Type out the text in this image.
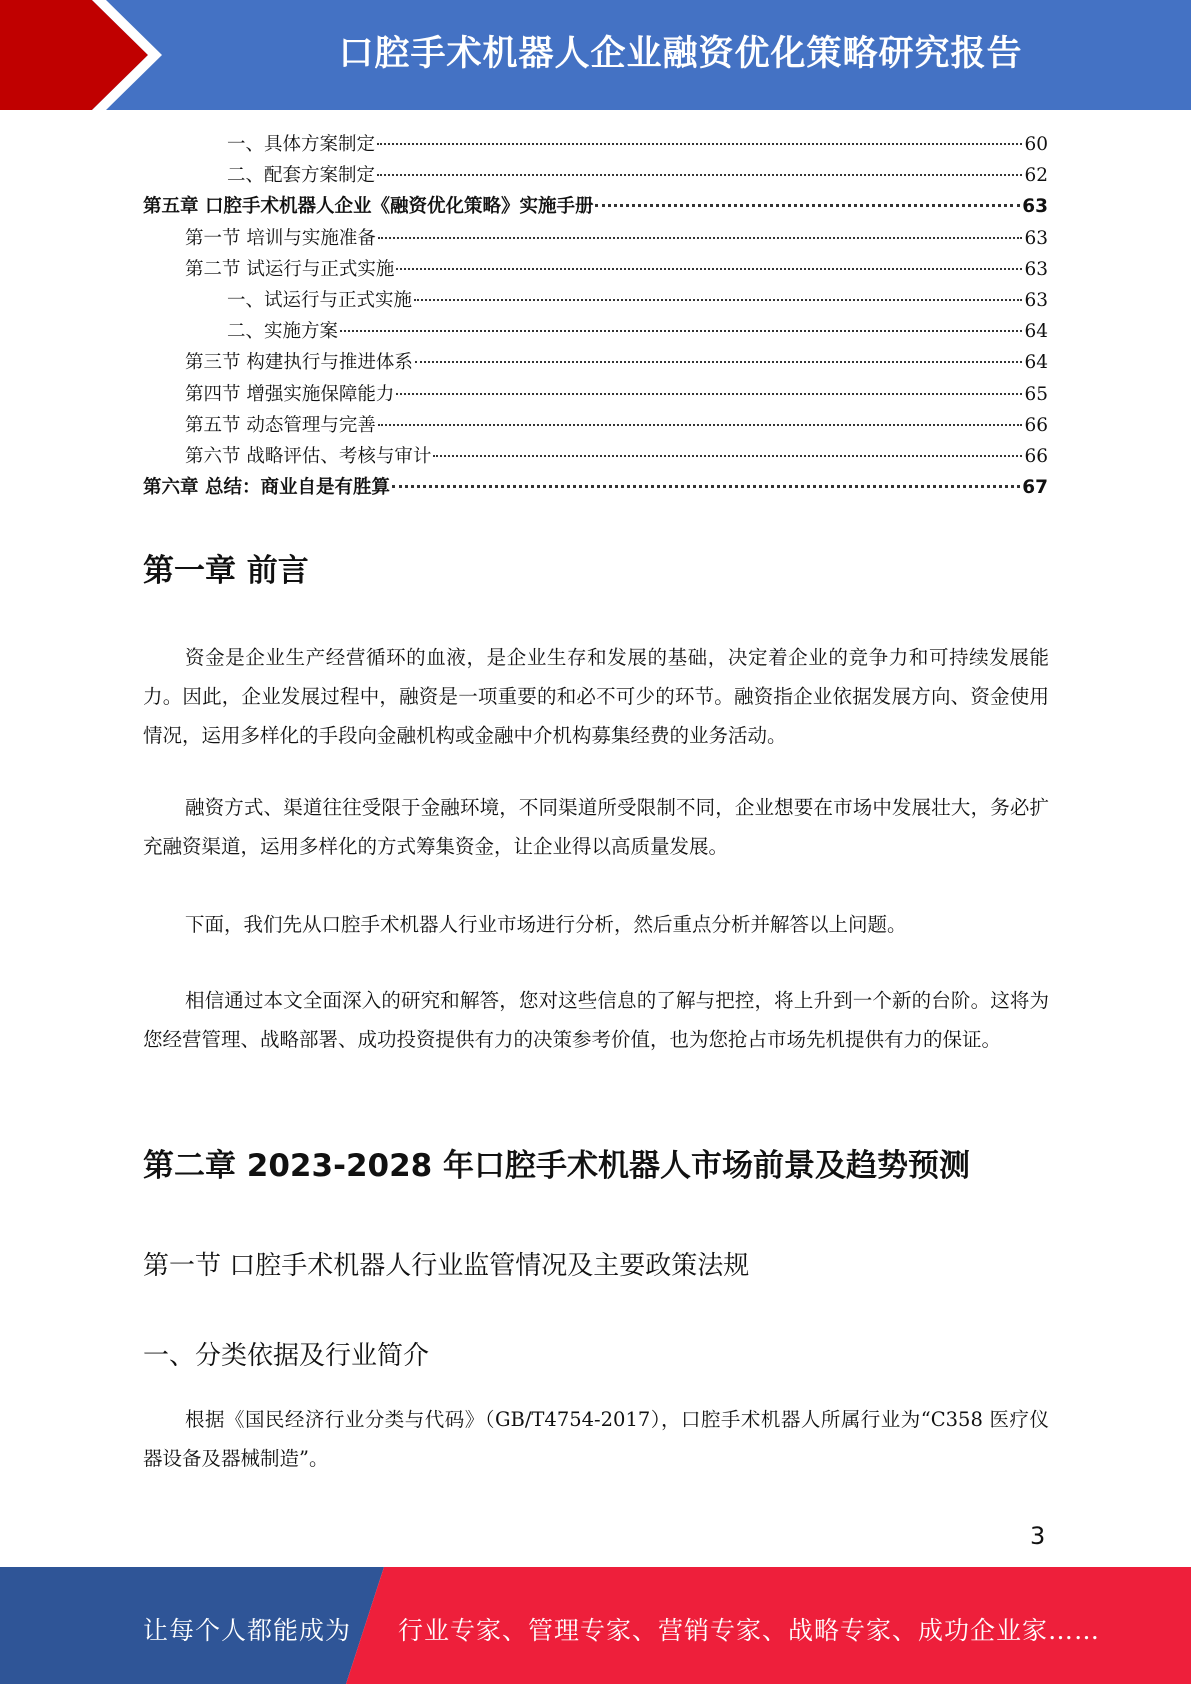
口腔手术机器人企业融资优化策略研究报告
一、具体方案制定	60
二、配套方案制定	62
第五章 口腔手术机器人企业《融资优化策略》实施手册	63
第一节 培训与实施准备	63
第二节 试运行与正式实施	63
一、试运行与正式实施	63
二、实施方案	64
第三节 构建执行与推进体系	64
第四节 增强实施保障能力	65
第五节 动态管理与完善	66
第六节 战略评估、考核与审计	66
第六章 总结：商业自是有胜算	67
第一章 前言

资金是企业生产经营循环的血液，是企业生存和发展的基础，决定着企业的竞争力和可持续发展能力。因此，企业发展过程中，融资是一项重要的和必不可少的环节。融资指企业依据发展方向、资金使用情况，运用多样化的手段向金融机构或金融中介机构募集经费的业务活动。

融资方式、渠道往往受限于金融环境，不同渠道所受限制不同，企业想要在市场中发展壮大，务必扩充融资渠道，运用多样化的方式筹集资金，让企业得以高质量发展。

下面，我们先从口腔手术机器人行业市场进行分析，然后重点分析并解答以上问题。

相信通过本文全面深入的研究和解答，您对这些信息的了解与把控，将上升到一个新的台阶。这将为您经营管理、战略部署、成功投资提供有力的决策参考价值，也为您抢占市场先机提供有力的保证。

第二章 2023-2028 年口腔手术机器人市场前景及趋势预测
第一节 口腔手术机器人行业监管情况及主要政策法规
一、分类依据及行业简介

根据《国民经济行业分类与代码》（GB/T4754-2017），口腔手术机器人所属行业为“C358 医疗仪器设备及器械制造”。

3
让每个人都能成为 行业专家、管理专家、营销专家、战略专家、成功企业家……
